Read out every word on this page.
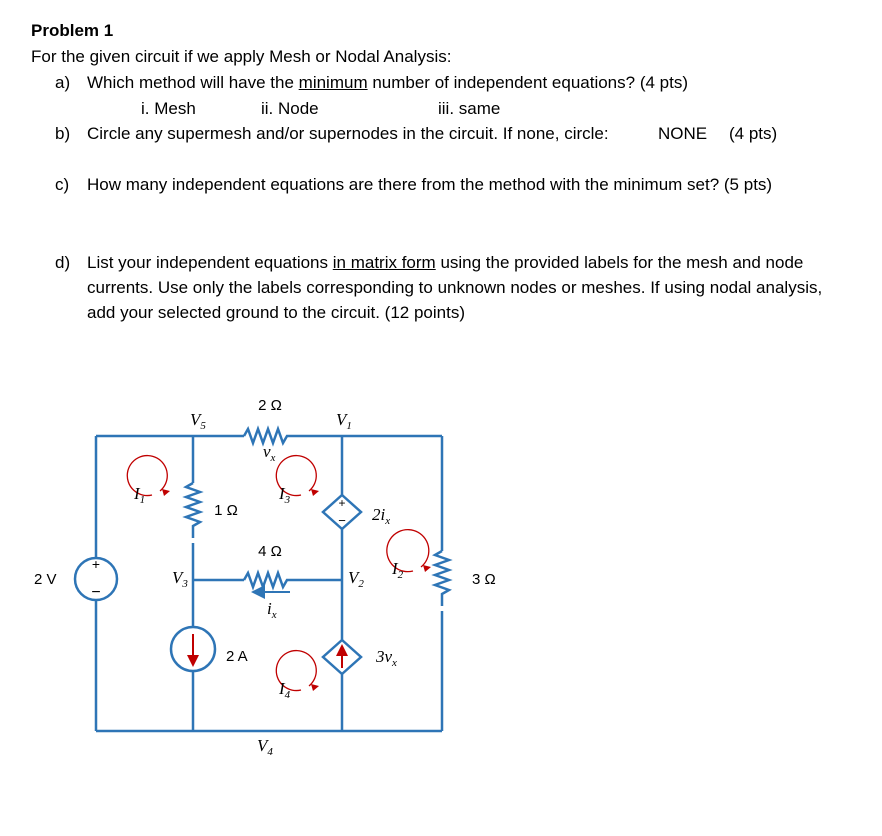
Problem 1
For the given circuit if we apply Mesh or Nodal Analysis:
a) Which method will have the minimum number of independent equations? (4 pts)
i. Mesh	ii. Node	iii. same
b) Circle any supermesh and/or supernodes in the circuit. If none, circle:	NONE (4 pts)
c) How many independent equations are there from the method with the minimum set? (5 pts)
d) List your independent equations in matrix form using the provided labels for the mesh and node
currents. Use only the labels corresponding to unknown nodes or meshes. If using nodal analysis,
add your selected ground to the circuit. (12 points)
+
−
+
−
2 Ω
4 Ω
1 Ω
3 Ω
2 V
2 A
$2i_x$
$3v_x$
$v_x$
$i_x$
$V_5$	$V_1$
$V_3$	$V_2$
$V_4$
$I_1$	$I_3$
$I_2$
$I_4$
